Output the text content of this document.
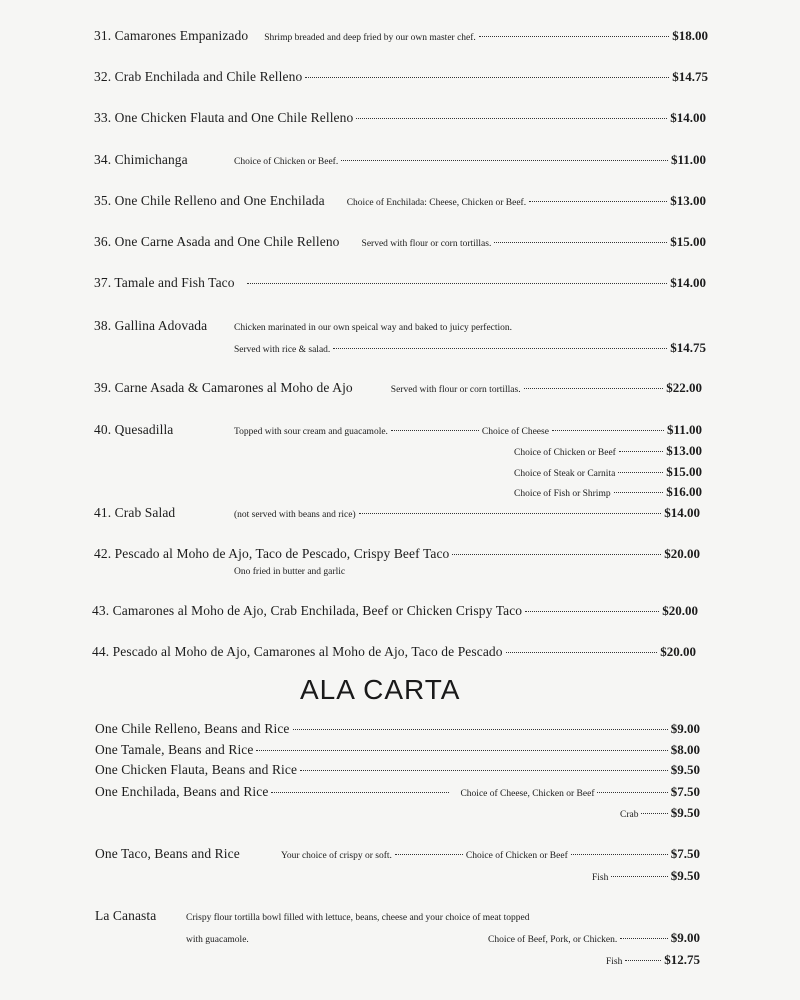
31. Camarones Empanizado Shrimp breaded and deep fried by our own master chef.	$18.00
32. Crab Enchilada and Chile Relleno	$14.75
33. One Chicken Flauta and One Chile Relleno	$14.00
34. Chimichanga	Choice of Chicken or Beef.	$11.00
35. One Chile Relleno and One Enchilada Choice of Enchilada: Cheese, Chicken or Beef.	$13.00
36. One Carne Asada and One Chile Relleno Served with flour or corn tortillas.	$15.00
37. Tamale and Fish Taco	$14.00
38. Gallina Adovada	Chicken marinated in our own speical way and baked to juicy perfection.
Served with rice & salad.	$14.75
39. Carne Asada & Camarones al Moho de Ajo	Served with flour or corn tortillas.	$22.00
40. Quesadilla	Topped with sour cream and guacamole.	Choice of Cheese	$11.00
Choice of Chicken or Beef	$13.00
Choice of Steak or Carnita	$15.00
Choice of Fish or Shrimp	$16.00
41. Crab Salad	(not served with beans and rice)	$14.00
42. Pescado al Moho de Ajo, Taco de Pescado, Crispy Beef Taco	$20.00
Ono fried in butter and garlic
43. Camarones al Moho de Ajo, Crab Enchilada, Beef or Chicken Crispy Taco	$20.00
44. Pescado al Moho de Ajo, Camarones al Moho de Ajo, Taco de Pescado	$20.00
ALA CARTA
One Chile Relleno, Beans and Rice	$9.00
One Tamale, Beans and Rice	$8.00
One Chicken Flauta, Beans and Rice	$9.50
One Enchilada, Beans and Rice	Choice of Cheese, Chicken or Beef	$7.50
Crab $9.50
One Taco, Beans and Rice	Your choice of crispy or soft.	Choice of Chicken or Beef	$7.50
Fish	$9.50
La Canasta	Crispy flour tortilla bowl filled with lettuce, beans, cheese and your choice of meat topped
with guacamole.	Choice of Beef, Pork, or Chicken.	$9.00
Fish	$12.75
